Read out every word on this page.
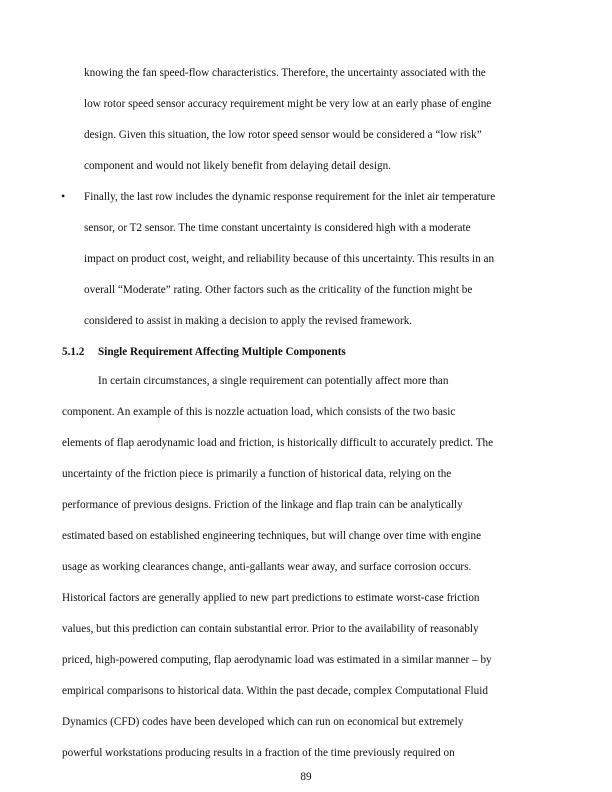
knowing the fan speed-flow characteristics. Therefore, the uncertainty associated with the
low rotor speed sensor accuracy requirement might be very low at an early phase of engine
design. Given this situation, the low rotor speed sensor would be considered a “low risk”
component and would not likely benefit from delaying detail design.
• Finally, the last row includes the dynamic response requirement for the inlet air temperature
sensor, or T2 sensor. The time constant uncertainty is considered high with a moderate
impact on product cost, weight, and reliability because of this uncertainty. This results in an
overall “Moderate” rating. Other factors such as the criticality of the function might be
considered to assist in making a decision to apply the revised framework.
5.1.2 Single Requirement Affecting Multiple Components
In certain circumstances, a single requirement can potentially affect more than
component. An example of this is nozzle actuation load, which consists of the two basic
elements of flap aerodynamic load and friction, is historically difficult to accurately predict. The
uncertainty of the friction piece is primarily a function of historical data, relying on the
performance of previous designs. Friction of the linkage and flap train can be analytically
estimated based on established engineering techniques, but will change over time with engine
usage as working clearances change, anti-gallants wear away, and surface corrosion occurs.
Historical factors are generally applied to new part predictions to estimate worst-case friction
values, but this prediction can contain substantial error. Prior to the availability of reasonably
priced, high-powered computing, flap aerodynamic load was estimated in a similar manner – by
empirical comparisons to historical data. Within the past decade, complex Computational Fluid
Dynamics (CFD) codes have been developed which can run on economical but extremely
powerful workstations producing results in a fraction of the time previously required on
89
